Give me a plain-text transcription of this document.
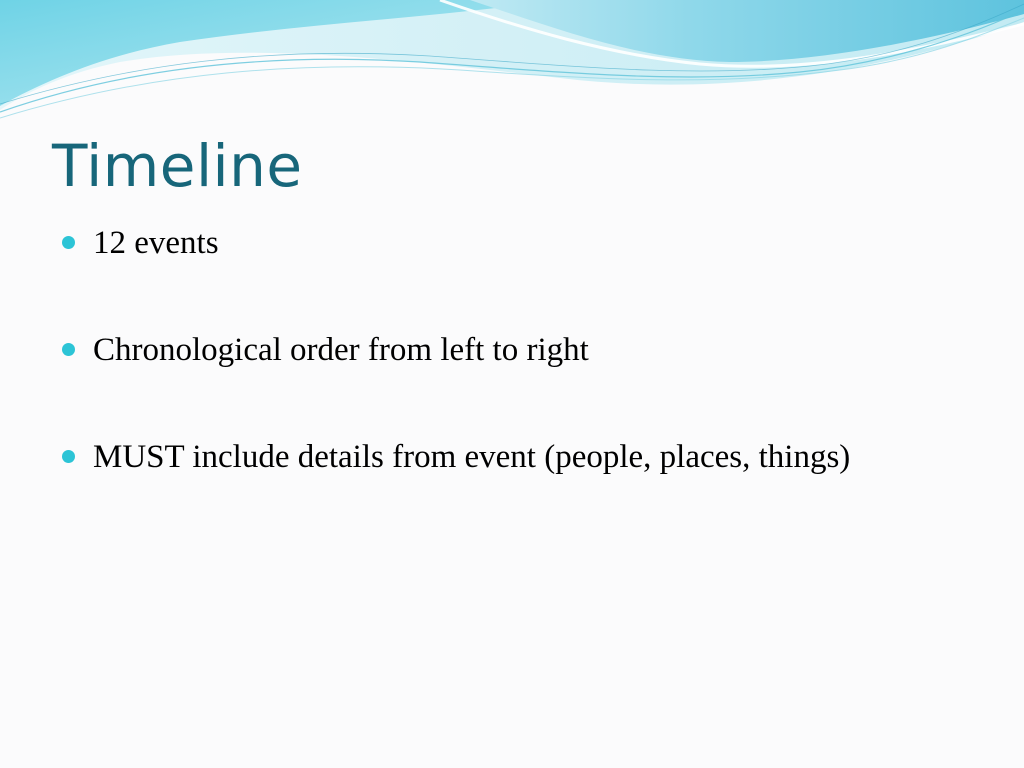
Timeline
12 events
Chronological order from left to right
MUST include details from event (people, places, things)
